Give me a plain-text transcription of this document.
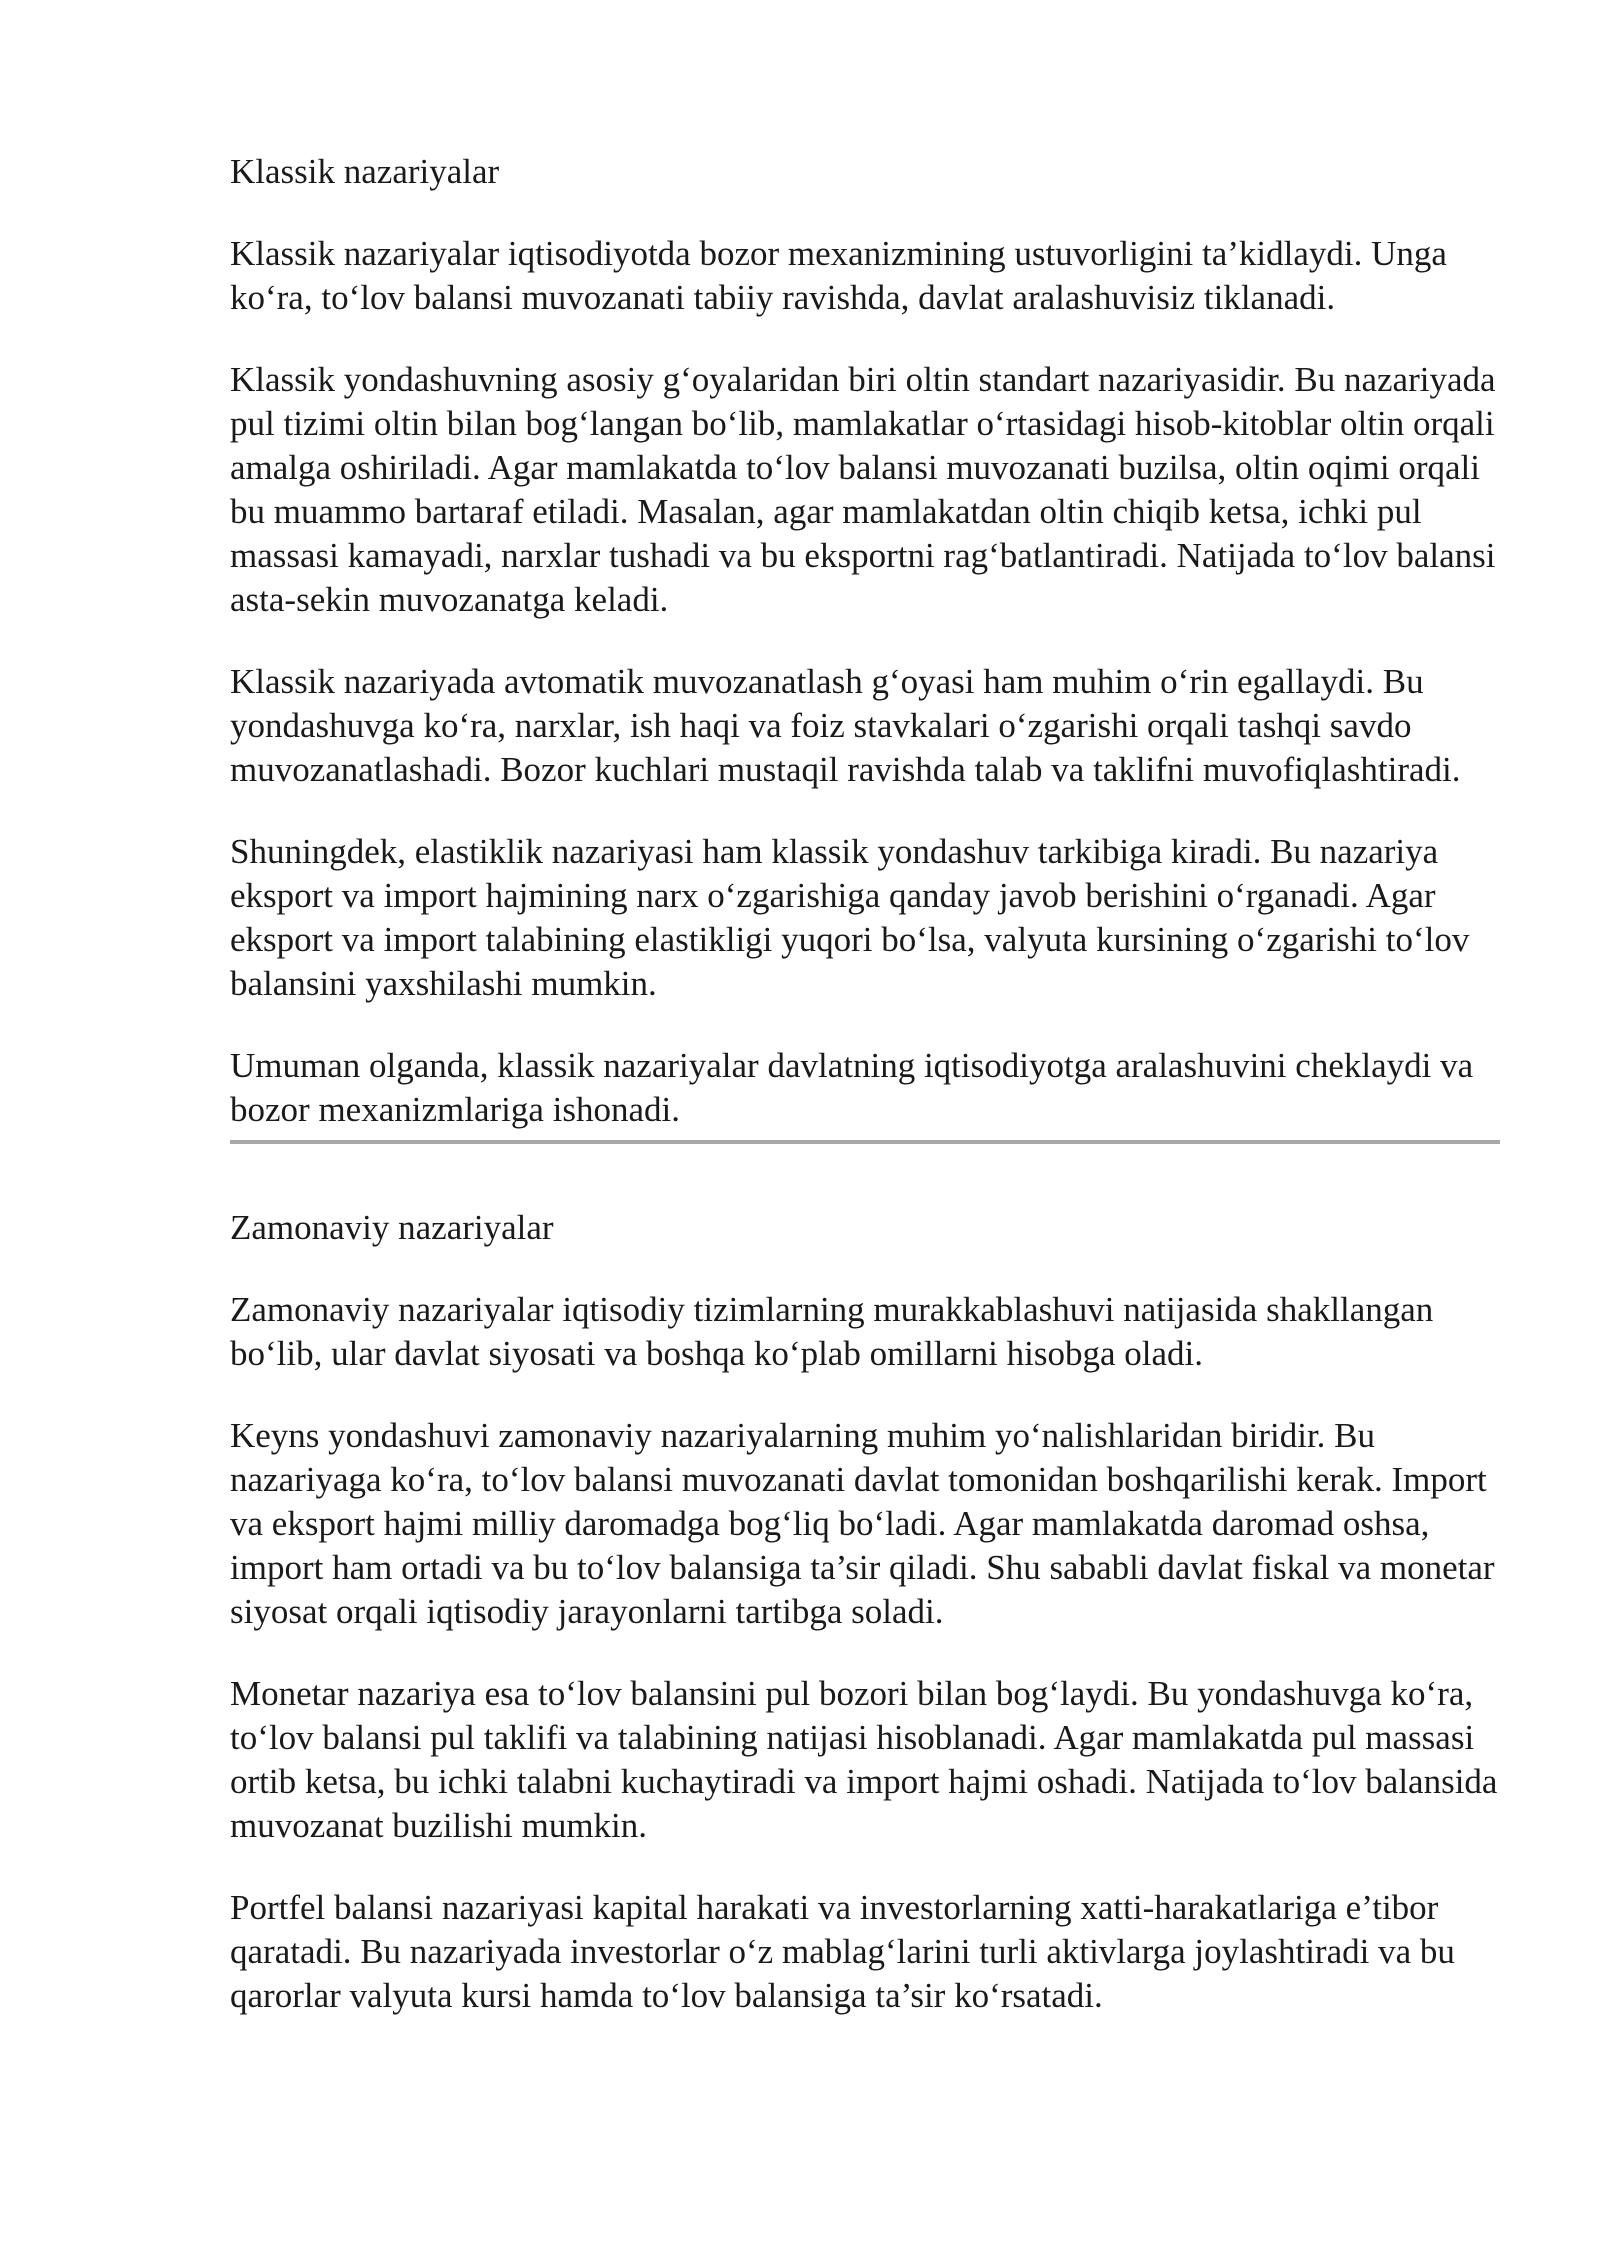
Klassik nazariyalar

Klassik nazariyalar iqtisodiyotda bozor mexanizmining ustuvorligini ta’kidlaydi. Unga ko‘ra, to‘lov balansi muvozanati tabiiy ravishda, davlat aralashuvisiz tiklanadi.

Klassik yondashuvning asosiy g‘oyalaridan biri oltin standart nazariyasidir. Bu nazariyada pul tizimi oltin bilan bog‘langan bo‘lib, mamlakatlar o‘rtasidagi hisob-kitoblar oltin orqali amalga oshiriladi. Agar mamlakatda to‘lov balansi muvozanati buzilsa, oltin oqimi orqali bu muammo bartaraf etiladi. Masalan, agar mamlakatdan oltin chiqib ketsa, ichki pul massasi kamayadi, narxlar tushadi va bu eksportni rag‘batlantiradi. Natijada to‘lov balansi asta-sekin muvozanatga keladi.

Klassik nazariyada avtomatik muvozanatlash g‘oyasi ham muhim o‘rin egallaydi. Bu yondashuvga ko‘ra, narxlar, ish haqi va foiz stavkalari o‘zgarishi orqali tashqi savdo muvozanatlashadi. Bozor kuchlari mustaqil ravishda talab va taklifni muvofiqlashtiradi.

Shuningdek, elastiklik nazariyasi ham klassik yondashuv tarkibiga kiradi. Bu nazariya eksport va import hajmining narx o‘zgarishiga qanday javob berishini o‘rganadi. Agar eksport va import talabining elastikligi yuqori bo‘lsa, valyuta kursining o‘zgarishi to‘lov balansini yaxshilashi mumkin.

Umuman olganda, klassik nazariyalar davlatning iqtisodiyotga aralashuvini cheklaydi va bozor mexanizmlariga ishonadi.

Zamonaviy nazariyalar

Zamonaviy nazariyalar iqtisodiy tizimlarning murakkablashuvi natijasida shakllangan bo‘lib, ular davlat siyosati va boshqa ko‘plab omillarni hisobga oladi.

Keyns yondashuvi zamonaviy nazariyalarning muhim yo‘nalishlaridan biridir. Bu nazariyaga ko‘ra, to‘lov balansi muvozanati davlat tomonidan boshqarilishi kerak. Import va eksport hajmi milliy daromadga bog‘liq bo‘ladi. Agar mamlakatda daromad oshsa, import ham ortadi va bu to‘lov balansiga ta’sir qiladi. Shu sababli davlat fiskal va monetar siyosat orqali iqtisodiy jarayonlarni tartibga soladi.

Monetar nazariya esa to‘lov balansini pul bozori bilan bog‘laydi. Bu yondashuvga ko‘ra, to‘lov balansi pul taklifi va talabining natijasi hisoblanadi. Agar mamlakatda pul massasi ortib ketsa, bu ichki talabni kuchaytiradi va import hajmi oshadi. Natijada to‘lov balansida muvozanat buzilishi mumkin.

Portfel balansi nazariyasi kapital harakati va investorlarning xatti-harakatlariga e’tibor qaratadi. Bu nazariyada investorlar o‘z mablag‘larini turli aktivlarga joylashtiradi va bu qarorlar valyuta kursi hamda to‘lov balansiga ta’sir ko‘rsatadi.
